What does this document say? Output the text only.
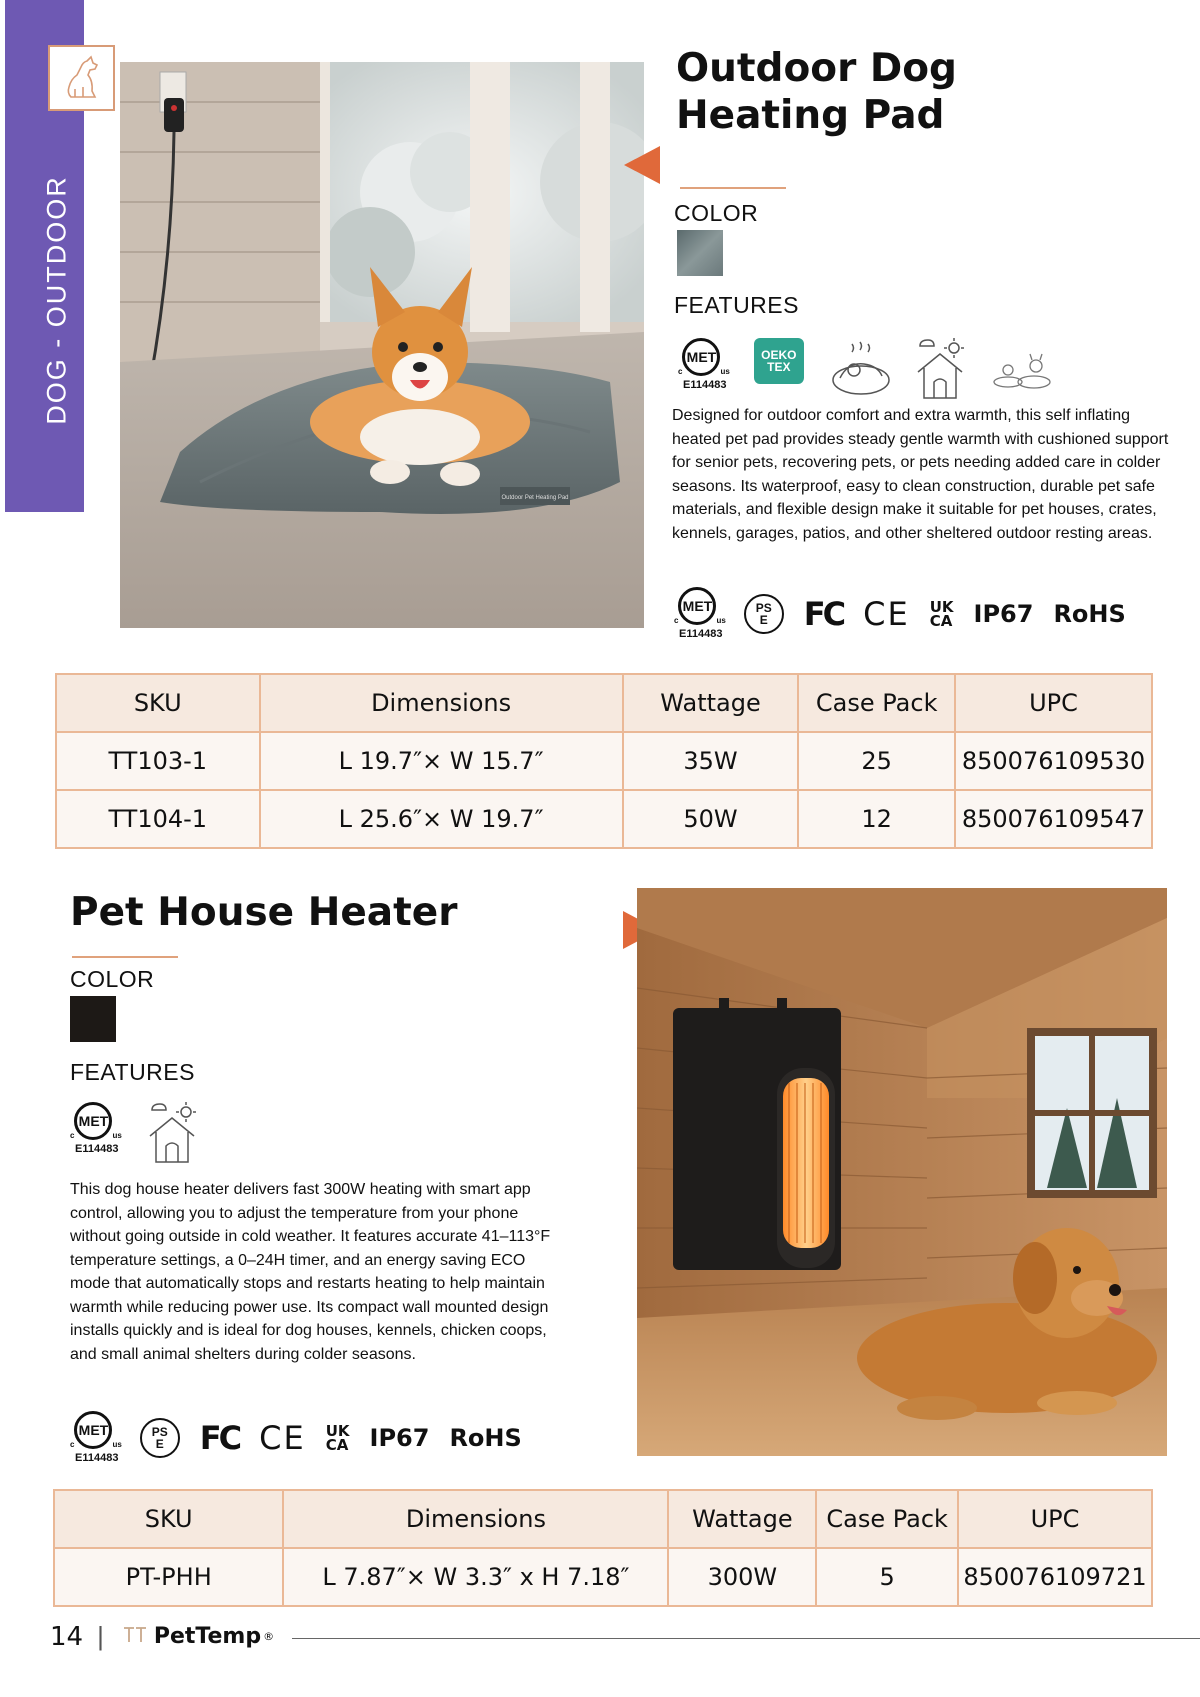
DOG - OUTDOOR
Outdoor Pet Heating Pad
Outdoor Dog
Heating Pad
COLOR
FEATURES
c
MET
us
E114483
OEKO
TEX
Designed for outdoor comfort and extra warmth, this self inflating heated pet pad provides steady gentle warmth with cushioned support for senior pets, recovering pets, or pets needing added care in colder seasons. Its waterproof, easy to clean construction, durable pet safe materials, and flexible design make it suitable for pet houses, crates, kennels, garages, patios, and other sheltered outdoor resting areas.
c
MET
us
E114483
PS
E FC CE UK
CA IP67 RoHS
SKU	Dimensions	Wattage	Case Pack	UPC
TT103-1	L 19.7″× W 15.7″	35W	25	850076109530
TT104-1	L 25.6″× W 19.7″	50W	12	850076109547
Pet House Heater
COLOR
FEATURES
c
MET
us
E114483
This dog house heater delivers fast 300W heating with smart app control, allowing you to adjust the temperature from your phone without going outside in cold weather. It features accurate 41–113°F temperature settings, a 0–24H timer, and an energy saving ECO mode that automatically stops and restarts heating to help maintain warmth while reducing power use. Its compact wall mounted design installs quickly and is ideal for dog houses, kennels, chicken coops, and small animal shelters during colder seasons.
c
MET
us
E114483
PS
E FC CE UK
CA IP67 RoHS
SKU	Dimensions	Wattage	Case Pack	UPC
PT-PHH	L 7.87″× W 3.3″ x H 7.18″	300W	5	850076109721
14 | PetTemp ®
